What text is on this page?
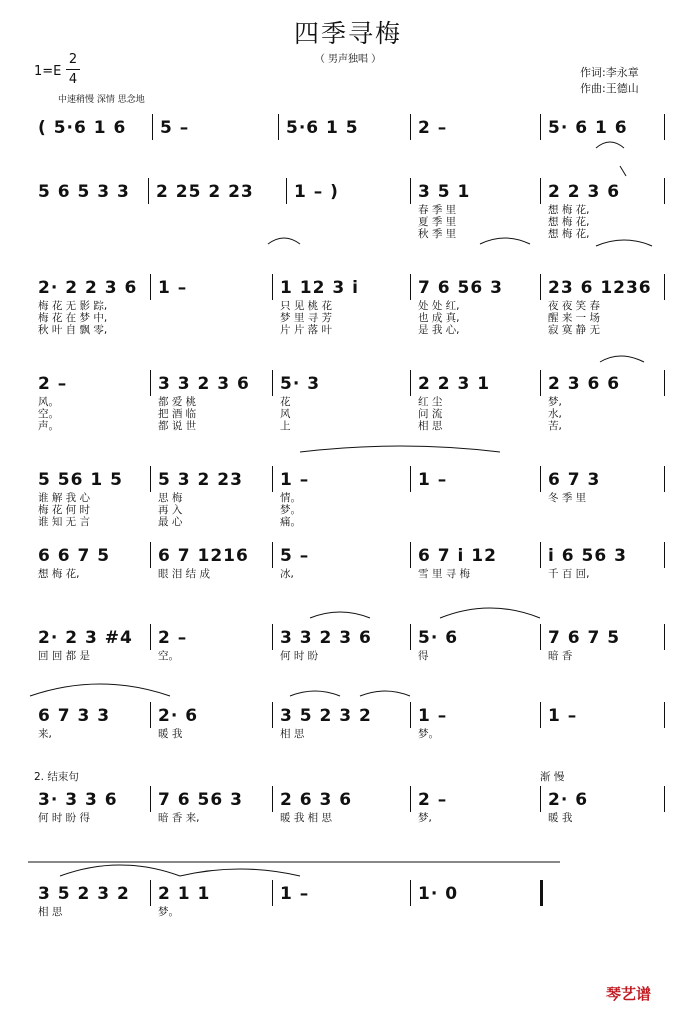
四季寻梅
（ 男声独唱 ）
1=E
2
4
中速稍慢 深情 思念地
作词:李永章
作曲:王德山
( 5·6 1 6 5 –	5·6 1 5	2 –	5· 6 1 6
5 6 5 3 3 2 25 2 23 1 – )	3 5 1
春 季 里
夏 季 里
秋 季 里
2 2 3 6
想 梅 花,
想 梅 花,
想 梅 花,
2· 2 2 3 6
梅 花 无 影 踪,
梅 花 在 梦 中,
秋 叶 自 飘 零,
1 –	1 12 3 i
只 见 桃 花
梦 里 寻 芳
片 片 落 叶
7 6 56 3
处 处 红,
也 成 真,
是 我 心,
23 6 1236
夜 夜 笑 春
醒 来 一 场
寂 寞 静 无
2 –
风。
空。
声。
3 3 2 3 6
都 爱 桃
把 酒 临
都 说 世
5· 3
花
风
上
2 2 3 1
红 尘
问 流
相 思
2 3 6 6
梦,
水,
苦,
5 56 1 5
谁 解 我 心
梅 花 何 时
谁 知 无 言
5 3 2 23
思 梅
再 入
最 心
1 –
情。
梦。
痛。
1 –	6 7 3
冬 季 里
6 6 7 5
想 梅 花,
6 7 1216
眼 泪 结 成
5 –
冰,
6 7 i 12
雪 里 寻 梅
i 6 56 3
千 百 回,
2· 2 3 #4
回 回 都 是
2 –
空。
3 3 2 3 6
何 时 盼
5· 6
得
7 6 7 5
暗 香
6 7 3 3
来,
2· 6
暖 我
3 5 2 3 2
相 思
1 –
梦。
1 –
3· 3 3 6
何 时 盼 得
7 6 56 3
暗 香 来,
2 6 3 6
暖 我 相 思
2 –
梦,
2· 6
暖 我
3 5 2 3 2
相 思
2 1 1
梦。
1 –	1· 0
2. 结束句	渐 慢
琴艺谱
